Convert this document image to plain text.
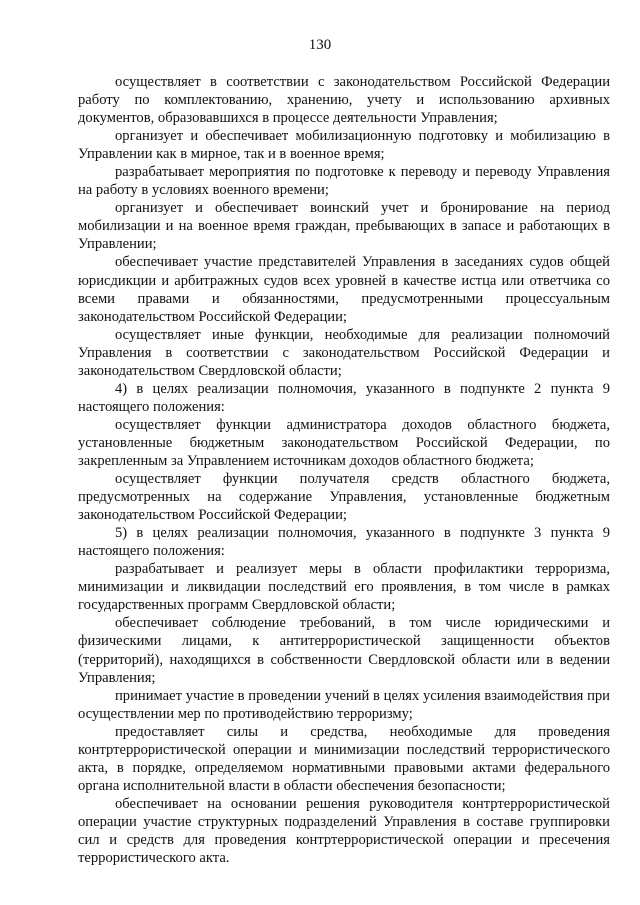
130

осуществляет в соответствии с законодательством Российской Федерации работу по комплектованию, хранению, учету и использованию архивных документов, образовавшихся в процессе деятельности Управления;

организует и обеспечивает мобилизационную подготовку и мобилизацию в Управлении как в мирное, так и в военное время;

разрабатывает мероприятия по подготовке к переводу и переводу Управления на работу в условиях военного времени;

организует и обеспечивает воинский учет и бронирование на период мобилизации и на военное время граждан, пребывающих в запасе и работающих в Управлении;

обеспечивает участие представителей Управления в заседаниях судов общей юрисдикции и арбитражных судов всех уровней в качестве истца или ответчика со всеми правами и обязанностями, предусмотренными процессуальным законодательством Российской Федерации;

осуществляет иные функции, необходимые для реализации полномочий Управления в соответствии с законодательством Российской Федерации и законодательством Свердловской области;

4) в целях реализации полномочия, указанного в подпункте 2 пункта 9 настоящего положения:

осуществляет функции администратора доходов областного бюджета, установленные бюджетным законодательством Российской Федерации, по закрепленным за Управлением источникам доходов областного бюджета;

осуществляет функции получателя средств областного бюджета, предусмотренных на содержание Управления, установленные бюджетным законодательством Российской Федерации;

5) в целях реализации полномочия, указанного в подпункте 3 пункта 9 настоящего положения:

разрабатывает и реализует меры в области профилактики терроризма, минимизации и ликвидации последствий его проявления, в том числе в рамках государственных программ Свердловской области;

обеспечивает соблюдение требований, в том числе юридическими и физическими лицами, к антитеррористической защищенности объектов (территорий), находящихся в собственности Свердловской области или в ведении Управления;

принимает участие в проведении учений в целях усиления взаимодействия при осуществлении мер по противодействию терроризму;

предоставляет силы и средства, необходимые для проведения контртеррористической операции и минимизации последствий террористического акта, в порядке, определяемом нормативными правовыми актами федерального органа исполнительной власти в области обеспечения безопасности;

обеспечивает на основании решения руководителя контртеррористической операции участие структурных подразделений Управления в составе группировки сил и средств для проведения контртеррористической операции и пресечения террористического акта.
